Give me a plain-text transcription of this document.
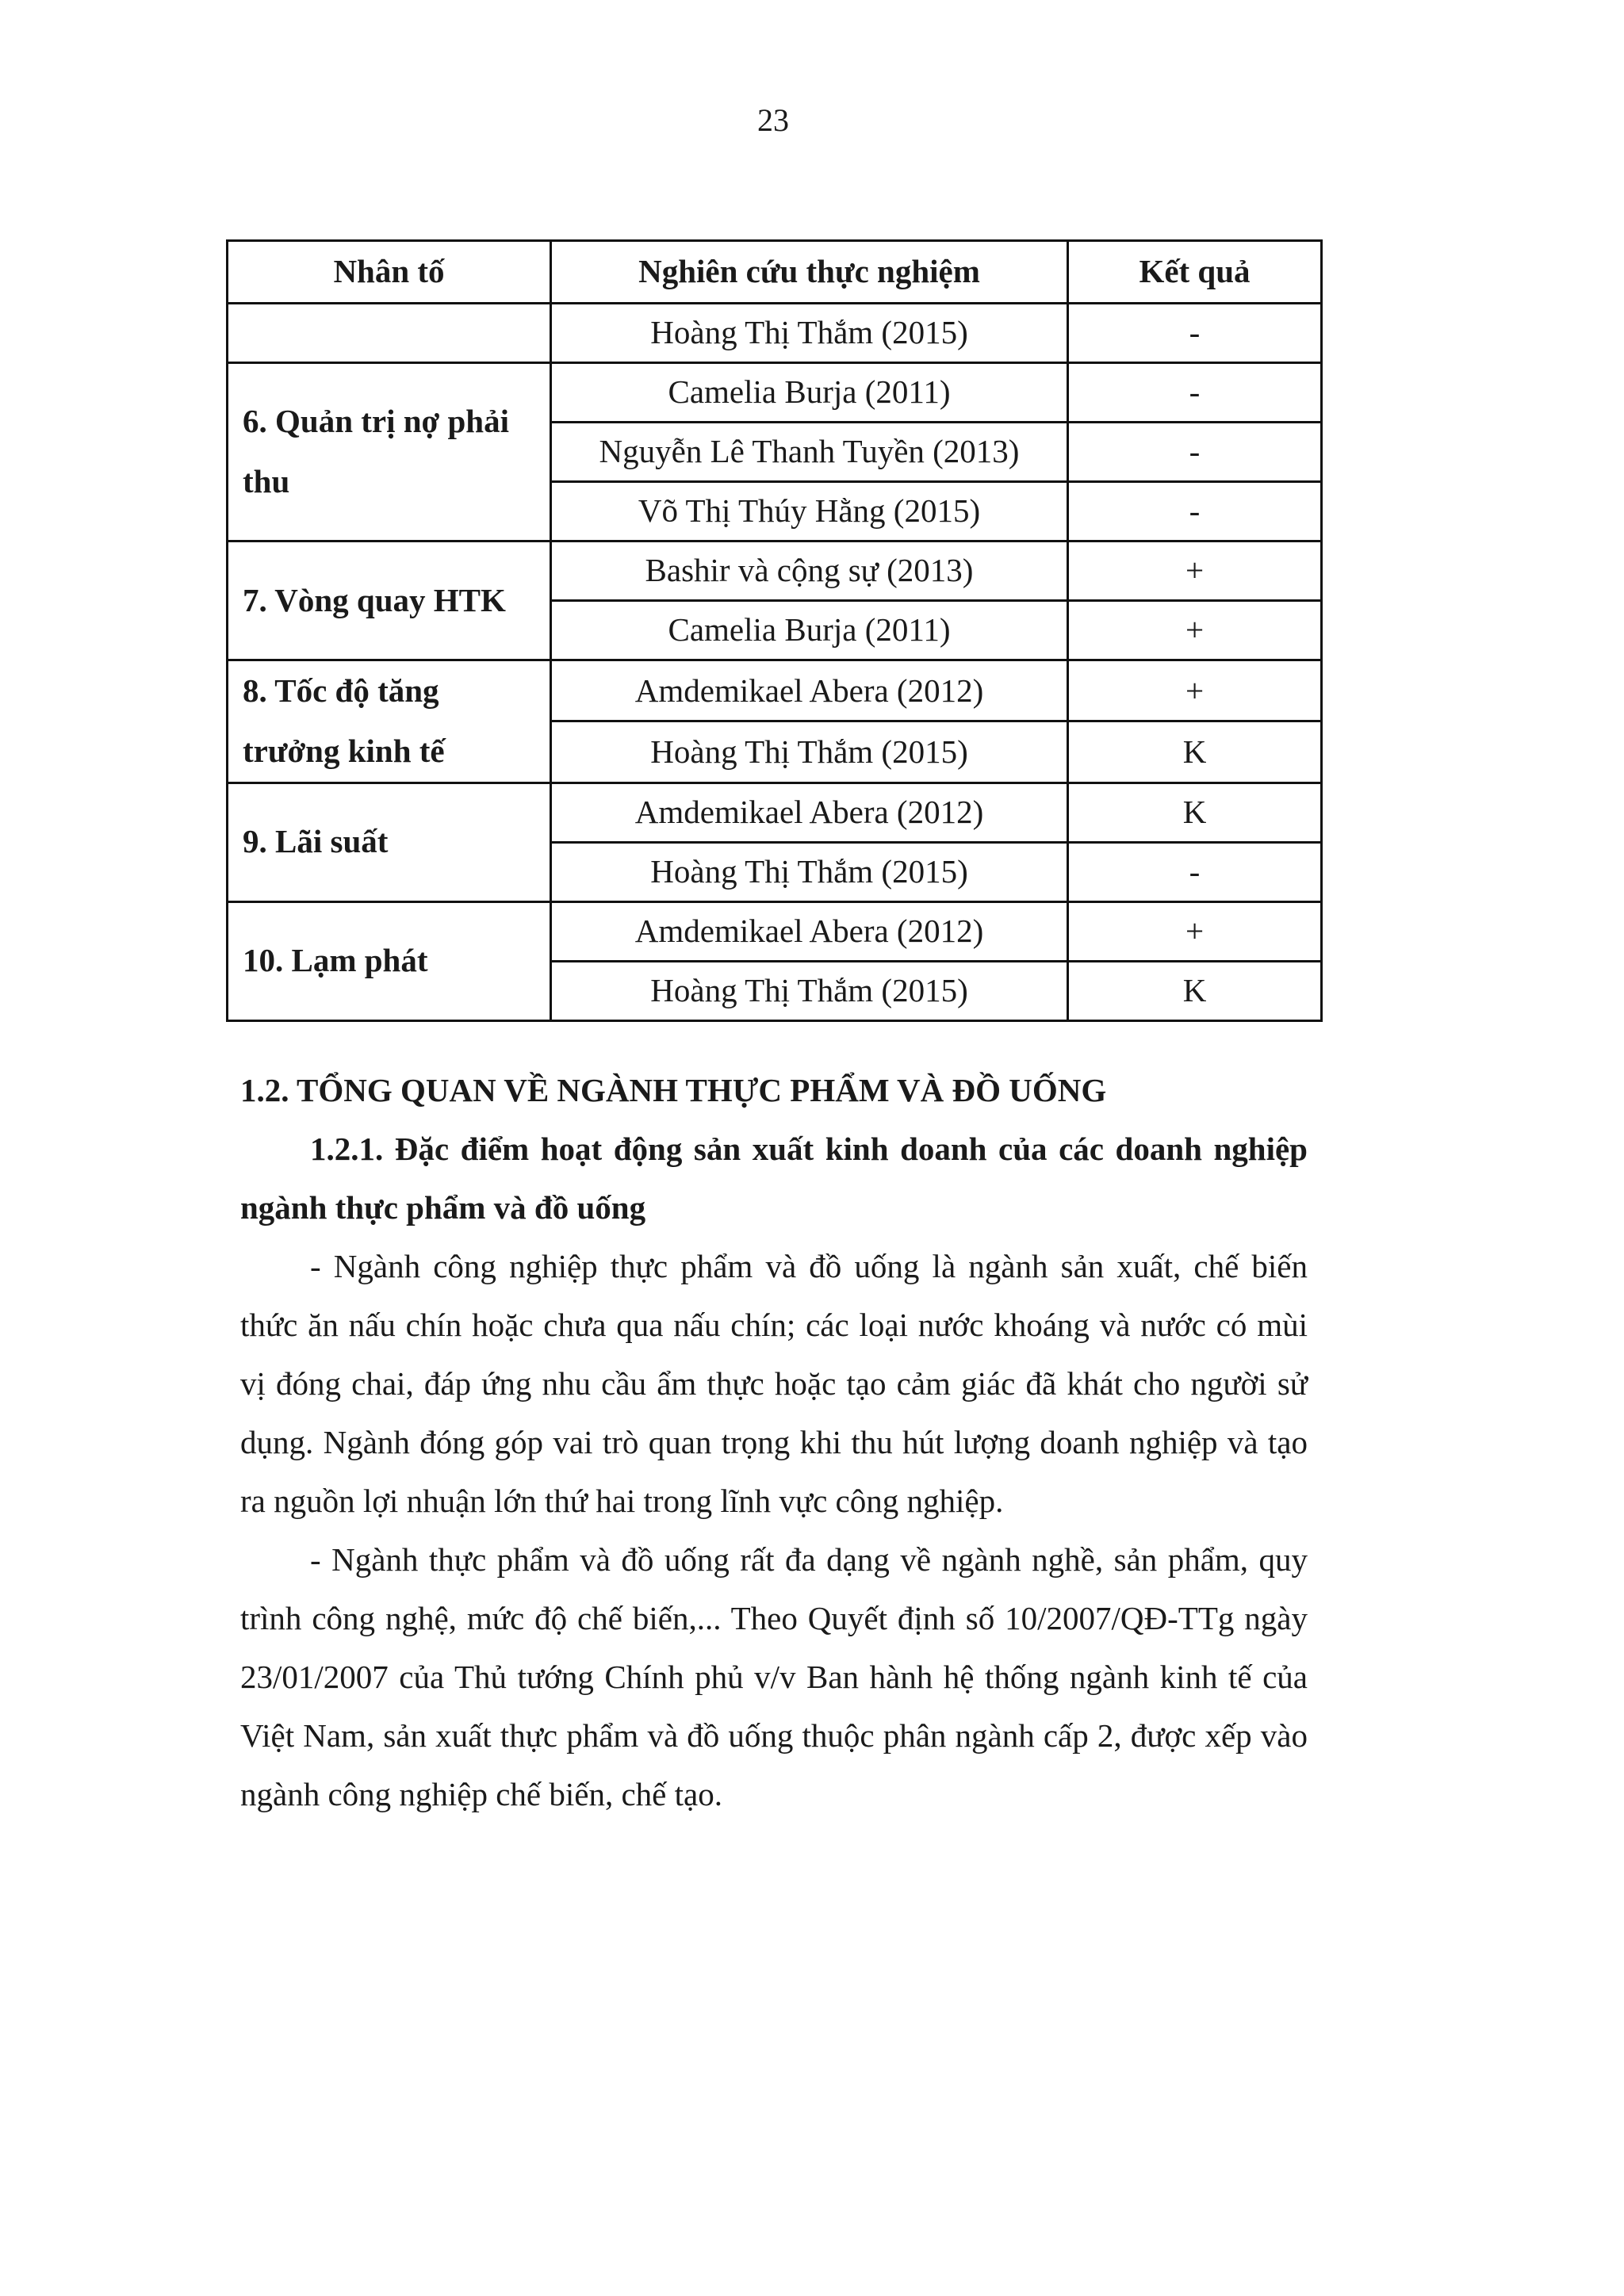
23
Nhân tố	Nghiên cứu thực nghiệm	Kết quả
	Hoàng Thị Thắm (2015)	-
6. Quản trị nợ phải thu	Camelia Burja (2011)	-
	Nguyễn Lê Thanh Tuyền (2013)	-
	Võ Thị Thúy Hằng (2015)	-
7. Vòng quay HTK	Bashir và cộng sự (2013)	+
	Camelia Burja (2011)	+
8. Tốc độ tăng trưởng kinh tế	Amdemikael Abera (2012)	+
	Hoàng Thị Thắm (2015)	K
9. Lãi suất	Amdemikael Abera (2012)	K
	Hoàng Thị Thắm (2015)	-
10. Lạm phát	Amdemikael Abera (2012)	+
	Hoàng Thị Thắm (2015)	K

1.2. TỔNG QUAN VỀ NGÀNH THỰC PHẨM VÀ ĐỒ UỐNG

1.2.1. Đặc điểm hoạt động sản xuất kinh doanh của các doanh nghiệp ngành thực phẩm và đồ uống

- Ngành công nghiệp thực phẩm và đồ uống là ngành sản xuất, chế biến thức ăn nấu chín hoặc chưa qua nấu chín; các loại nước khoáng và nước có mùi vị đóng chai, đáp ứng nhu cầu ẩm thực hoặc tạo cảm giác đã khát cho người sử dụng. Ngành đóng góp vai trò quan trọng khi thu hút lượng doanh nghiệp và tạo ra nguồn lợi nhuận lớn thứ hai trong lĩnh vực công nghiệp.

- Ngành thực phẩm và đồ uống rất đa dạng về ngành nghề, sản phẩm, quy trình công nghệ, mức độ chế biến,... Theo Quyết định số 10/2007/QĐ-TTg ngày 23/01/2007 của Thủ tướng Chính phủ v/v Ban hành hệ thống ngành kinh tế của Việt Nam, sản xuất thực phẩm và đồ uống thuộc phân ngành cấp 2, được xếp vào ngành công nghiệp chế biến, chế tạo.
